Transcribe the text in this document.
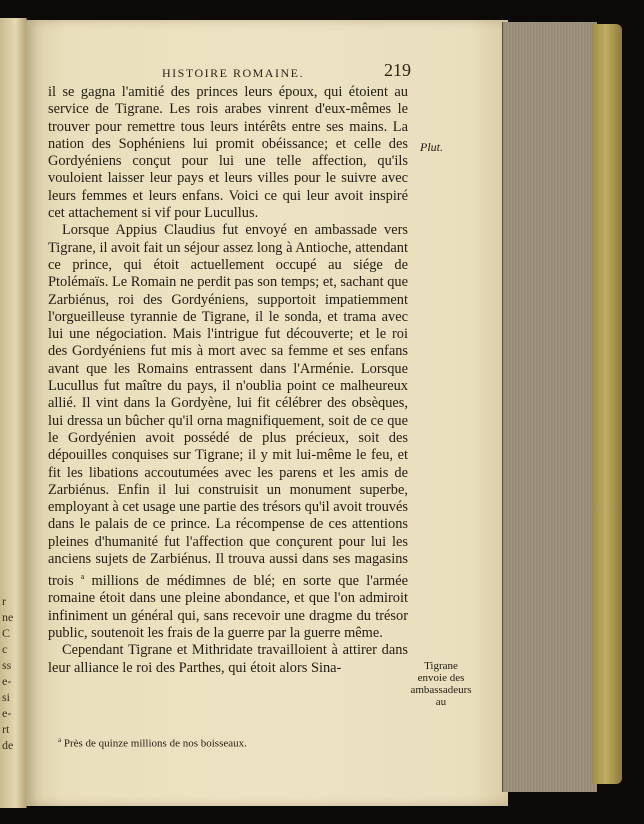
r
ne
C
c
ss
e-
si
e-
rt
de
HISTOIRE ROMAINE.	219

il se gagna l'amitié des princes leurs époux, qui étoient au service de Tigrane. Les rois arabes vinrent d'eux-mêmes le trouver pour remettre tous leurs intérêts entre ses mains. La nation des Sophéniens lui promit obéissance; et celle des Gordyéniens conçut pour lui une telle affection, qu'ils vouloient laisser leur pays et leurs villes pour le suivre avec leurs femmes et leurs enfans. Voici ce qui leur avoit inspiré cet attachement si vif pour Lucullus.

Lorsque Appius Claudius fut envoyé en ambassade vers Tigrane, il avoit fait un séjour assez long à Antioche, attendant ce prince, qui étoit actuellement occupé au siége de Ptolémaïs. Le Romain ne perdit pas son temps; et, sachant que Zarbiénus, roi des Gordyéniens, supportoit impatiemment l'orgueilleuse tyrannie de Tigrane, il le sonda, et trama avec lui une négociation. Mais l'intrigue fut découverte; et le roi des Gordyéniens fut mis à mort avec sa femme et ses enfans avant que les Romains entrassent dans l'Arménie. Lorsque Lucullus fut maître du pays, il n'oublia point ce malheureux allié. Il vint dans la Gordyène, lui fit célébrer des obsèques, lui dressa un bûcher qu'il orna magnifiquement, soit de ce que le Gordyénien avoit possédé de plus précieux, soit des dépouilles conquises sur Tigrane; il y mit lui-même le feu, et fit les libations accoutumées avec les parens et les amis de Zarbiénus. Enfin il lui construisit un monument superbe, employant à cet usage une partie des trésors qu'il avoit trouvés dans le palais de ce prince. La récompense de ces attentions pleines d'humanité fut l'affection que conçurent pour lui les anciens sujets de Zarbiénus. Il trouva aussi dans ses magasins trois $^a$ millions de médimnes de blé; en sorte que l'armée romaine étoit dans une pleine abondance, et que l'on admiroit infiniment un général qui, sans recevoir une dragme du trésor public, soutenoit les frais de la guerre par la guerre même.

Cependant Tigrane et Mithridate travailloient à attirer dans leur alliance le roi des Parthes, qui étoit alors Sina-

Plut.
Tigrane envoie des ambassadeurs au
$^a$ Près de quinze millions de nos boisseaux.
